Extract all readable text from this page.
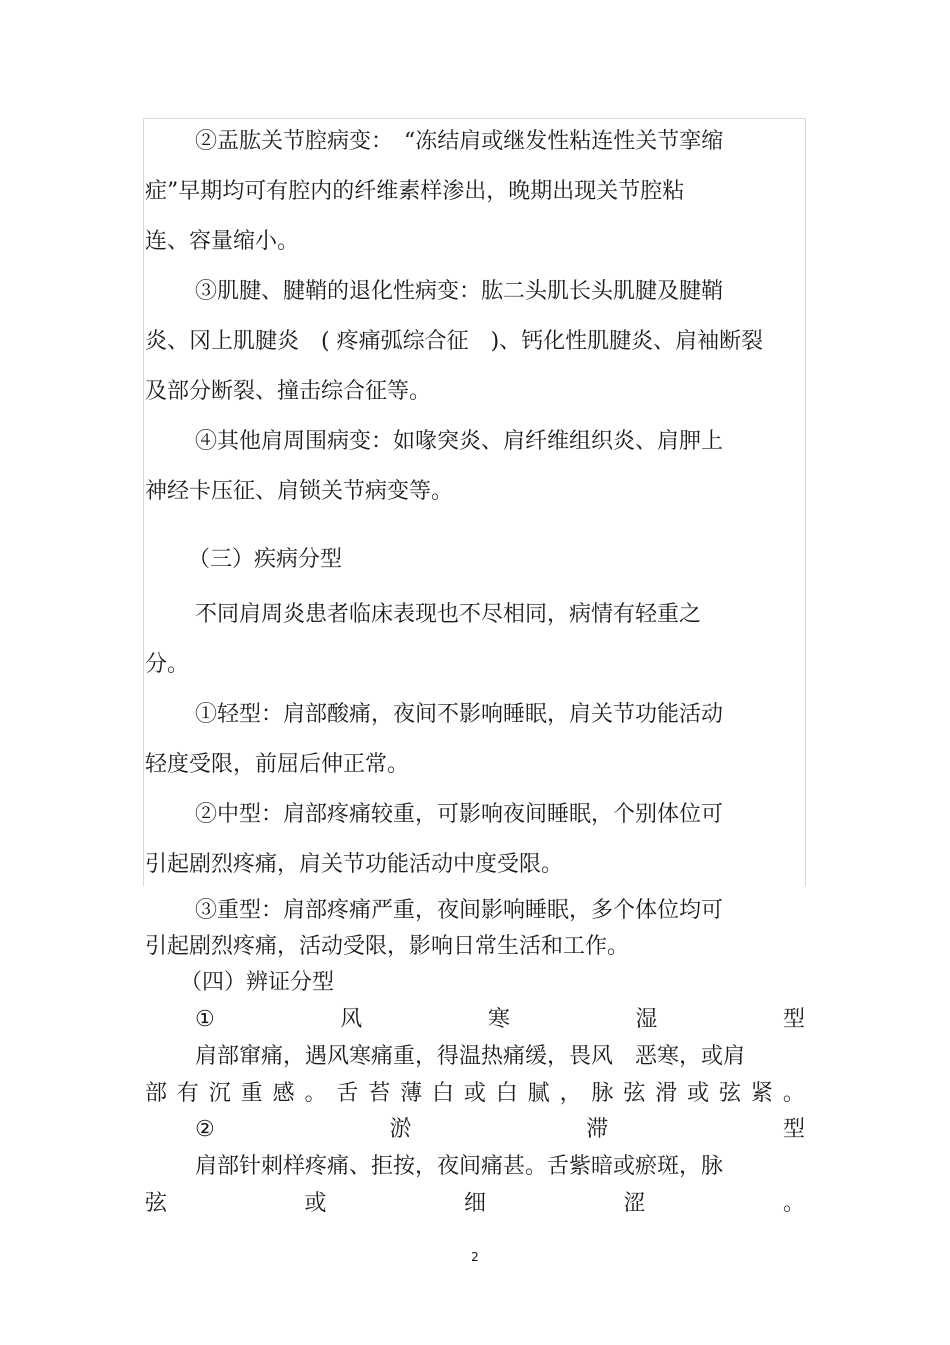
②盂肱关节腔病变：　“冻结肩或继发性粘连性关节挛缩
症”早期均可有腔内的纤维素样渗出，晚期出现关节腔粘
连、容量缩小。
③肌腱、腱鞘的退化性病变：肱二头肌长头肌腱及腱鞘
炎、冈上肌腱炎　( 疼痛弧综合征　)、钙化性肌腱炎、肩袖断裂
及部分断裂、撞击综合征等。
④其他肩周围病变：如喙突炎、肩纤维组织炎、肩胛上
神经卡压征、肩锁关节病变等。
（三）疾病分型
不同肩周炎患者临床表现也不尽相同，病情有轻重之
分。
①轻型：肩部酸痛，夜间不影响睡眠，肩关节功能活动
轻度受限，前屈后伸正常。
②中型：肩部疼痛较重，可影响夜间睡眠，个别体位可
引起剧烈疼痛，肩关节功能活动中度受限。
③重型：肩部疼痛严重，夜间影响睡眠，多个体位均可
引起剧烈疼痛，活动受限，影响日常生活和工作。
（四）辨证分型
①	风	寒	湿	型
肩部窜痛，遇风寒痛重，得温热痛缓，畏风　恶寒，或肩
部 有 沉 重 感 。 舌 苔 薄 白 或 白 腻 ， 脉 弦 滑 或 弦 紧 。
②	淤	滞	型
肩部针刺样疼痛、拒按，夜间痛甚。舌紫暗或瘀斑，脉
弦	或	细	涩	。
2
